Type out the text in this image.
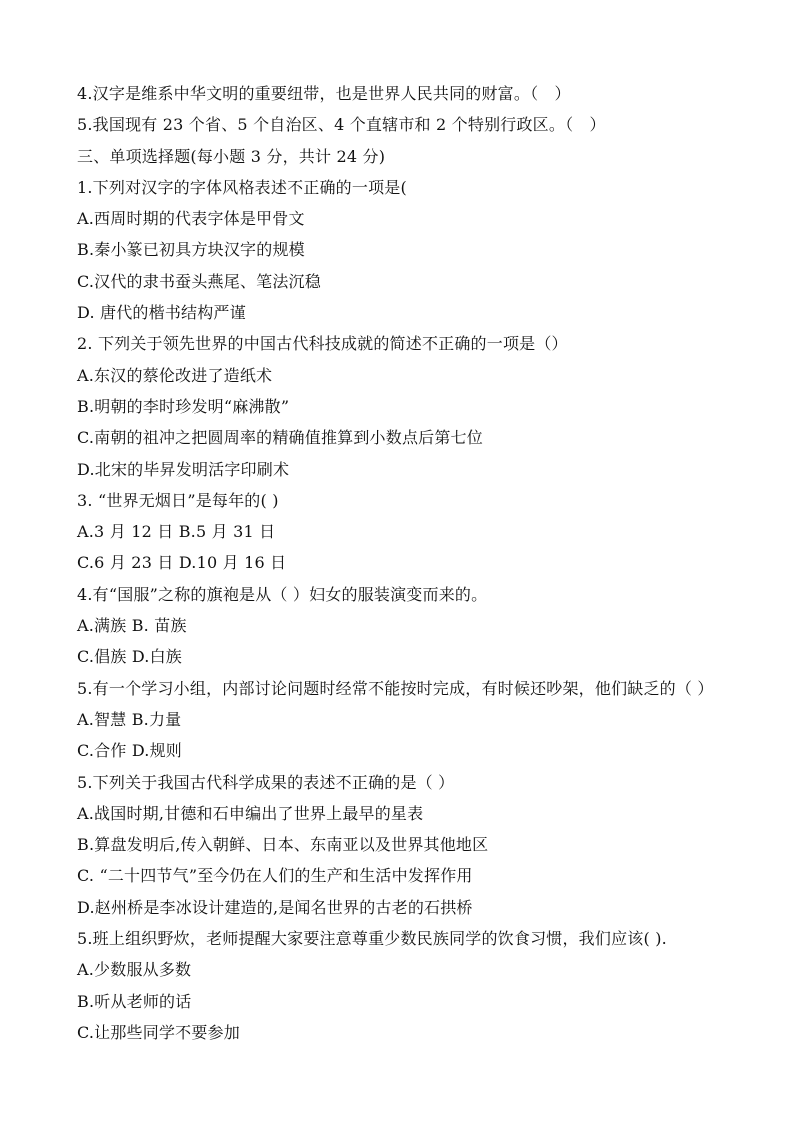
4.汉字是维系中华文明的重要纽带，也是世界人民共同的财富。（　）
5.我国现有 23 个省、5 个自治区、4 个直辖市和 2 个特别行政区。（　）
三、单项选择题(每小题 3 分，共计 24 分)
1.下列对汉字的字体风格表述不正确的一项是(
A.西周时期的代表字体是甲骨文
B.秦小篆已初具方块汉字的规模
C.汉代的隶书蚕头燕尾、笔法沉稳
D. 唐代的楷书结构严谨
2. 下列关于领先世界的中国古代科技成就的简述不正确的一项是（）
A.东汉的蔡伦改进了造纸术
B.明朝的李时珍发明“麻沸散”
C.南朝的祖冲之把圆周率的精确值推算到小数点后第七位
D.北宋的毕昇发明活字印刷术
3. “世界无烟日”是每年的( )
A.3 月 12 日 B.5 月 31 日
C.6 月 23 日 D.10 月 16 日
4.有“国服”之称的旗袍是从（ ）妇女的服装演变而来的。
A.满族 B. 苗族
C.倡族 D.白族
5.有一个学习小组，内部讨论问题时经常不能按时完成，有时候还吵架，他们缺乏的（ ）
A.智慧 B.力量
C.合作 D.规则
5.下列关于我国古代科学成果的表述不正确的是（ ）
A.战国时期,甘德和石申编出了世界上最早的星表
B.算盘发明后,传入朝鲜、日本、东南亚以及世界其他地区
C. “二十四节气”至今仍在人们的生产和生活中发挥作用
D.赵州桥是李冰设计建造的,是闻名世界的古老的石拱桥
5.班上组织野炊，老师提醒大家要注意尊重少数民族同学的饮食习惯，我们应该( ).
A.少数服从多数
B.听从老师的话
C.让那些同学不要参加
